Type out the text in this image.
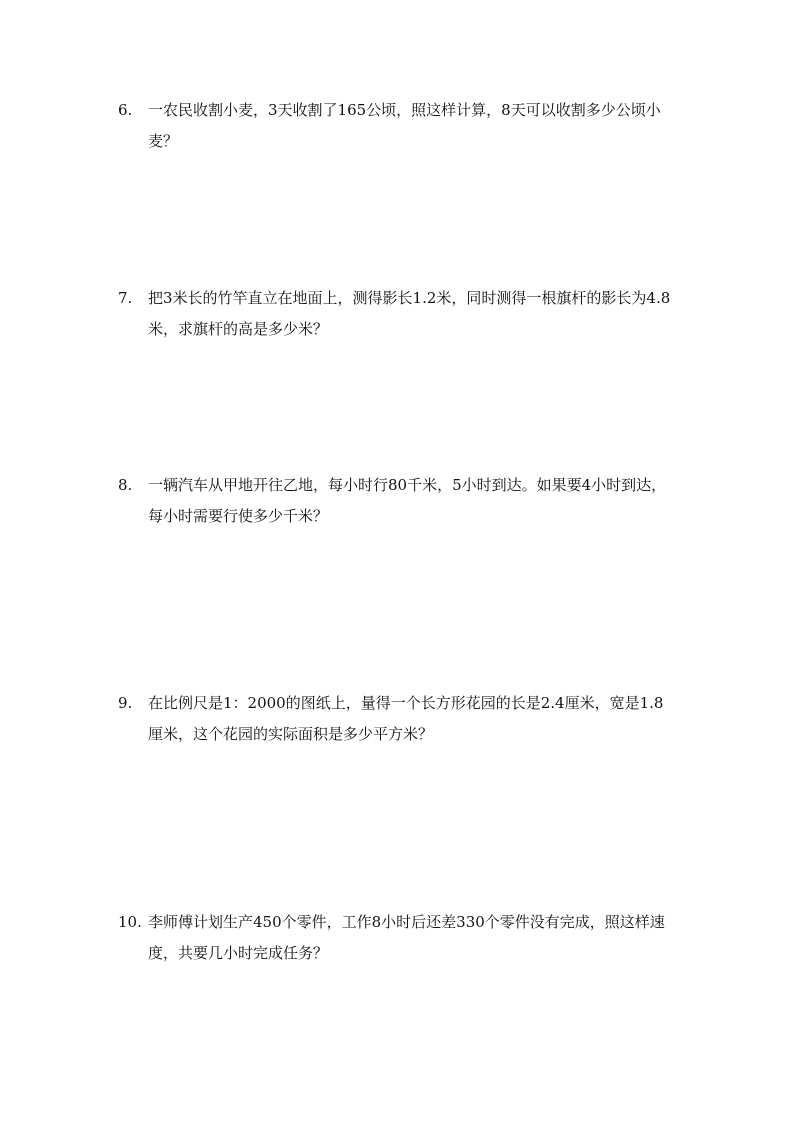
6.	一农民收割小麦，3天收割了165公顷，照这样计算，8天可以收割多少公顷小麦？
7.	把3米长的竹竿直立在地面上，测得影长1.2米，同时测得一根旗杆的影长为4.8米，求旗杆的高是多少米？
8.	一辆汽车从甲地开往乙地，每小时行80千米，5小时到达。如果要4小时到达，每小时需要行使多少千米？
9.	在比例尺是1：2000的图纸上，量得一个长方形花园的长是2.4厘米，宽是1.8厘米，这个花园的实际面积是多少平方米？
10. 李师傅计划生产450个零件，工作8小时后还差330个零件没有完成，照这样速度，共要几小时完成任务？
